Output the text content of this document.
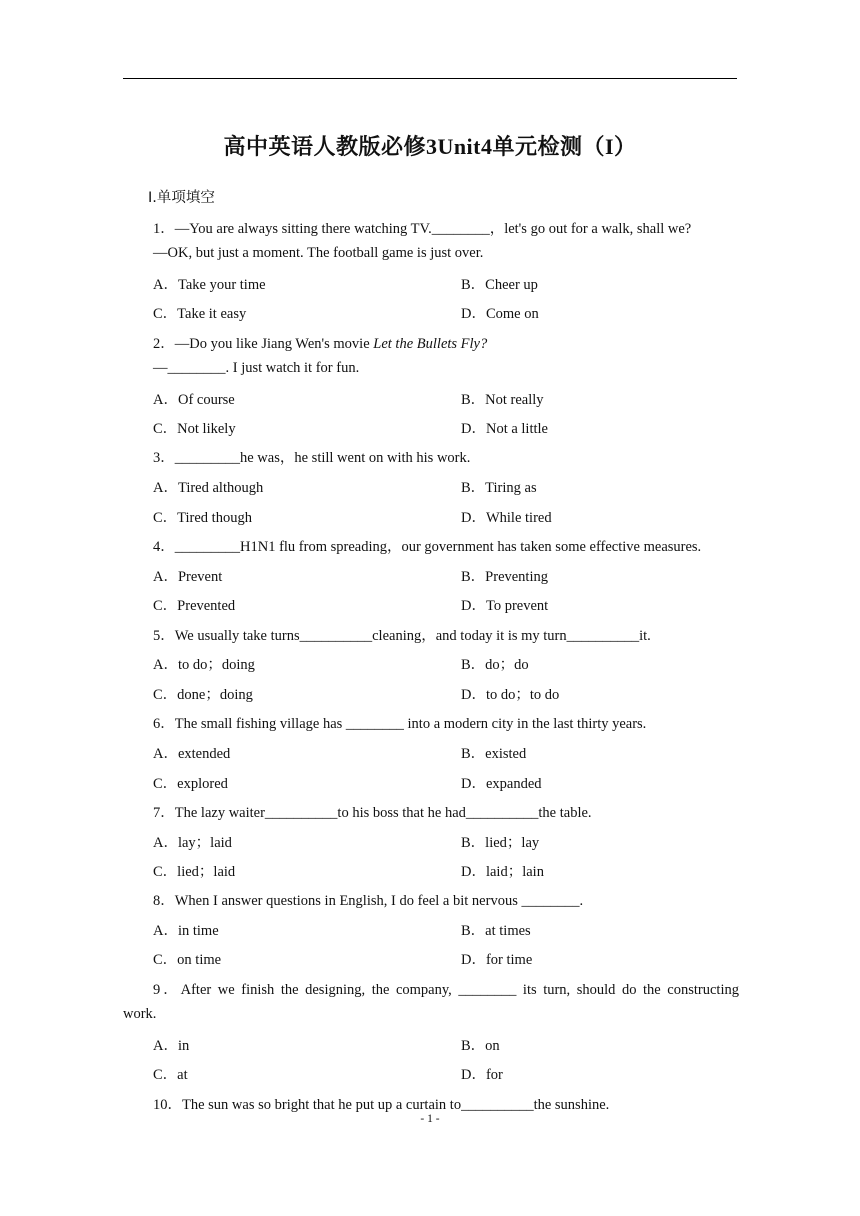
高中英语人教版必修3Unit4单元检测（I）
Ⅰ.单项填空
1．—You are always sitting there watching TV.________，let's go out for a walk, shall we?
—OK, but just a moment. The football game is just over.
A．Take your time	B．Cheer up
C．Take it easy	D．Come on
2．—Do you like Jiang Wen's movie Let the Bullets Fly?
—________. I just watch it for fun.
A．Of course	B．Not really
C．Not likely	D．Not a little
3．_________he was，he still went on with his work.
A．Tired although	B．Tiring as
C．Tired though	D．While tired
4．_________H1N1 flu from spreading，our government has taken some effective measures.
A．Prevent	B．Preventing
C．Prevented	D．To prevent
5．We usually take turns__________cleaning，and today it is my turn__________it.
A．to do；doing	B．do；do
C．done；doing	D．to do；to do
6．The small fishing village has ________ into a modern city in the last thirty years.
A．extended	B．existed
C．explored	D．expanded
7．The lazy waiter__________to his boss that he had__________the table.
A．lay；laid	B．lied；lay
C．lied；laid	D．laid；lain
8．When I answer questions in English, I do feel a bit nervous ________.
A．in time	B．at times
C．on time	D．for time
9．After we finish the designing, the company, ________ its turn, should do the constructing
work.
A．in	B．on
C．at	D．for
10．The sun was so bright that he put up a curtain to__________the sunshine.
- 1 -
